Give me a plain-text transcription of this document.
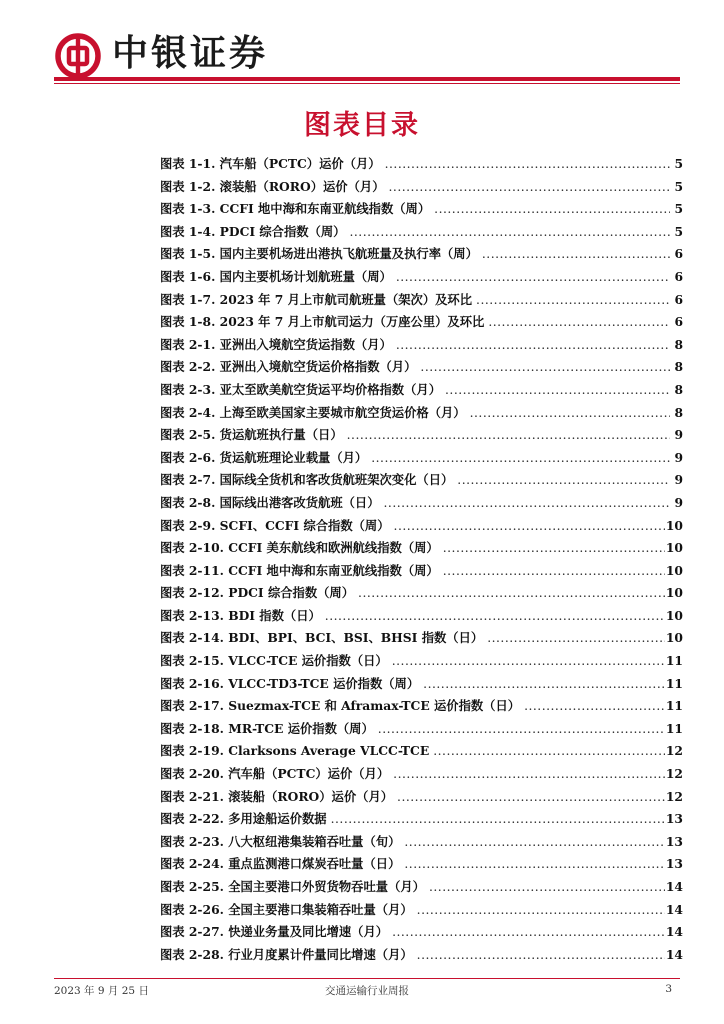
中银证券
图表目录
图表 1-1. 汽车船（PCTC）运价（月） .....	5
图表 1-2. 滚装船（RORO）运价（月） .....	5
图表 1-3. CCFI 地中海和东南亚航线指数（周） .....	5
图表 1-4. PDCI 综合指数（周） .....	5
图表 1-5. 国内主要机场进出港执飞航班量及执行率（周） .....	6
图表 1-6. 国内主要机场计划航班量（周） .....	6
图表 1-7. 2023 年 7 月上市航司航班量（架次）及环比 .....	6
图表 1-8. 2023 年 7 月上市航司运力（万座公里）及环比 .....	6
图表 2-1. 亚洲出入境航空货运指数（月） .....	8
图表 2-2. 亚洲出入境航空货运价格指数（月） .....	8
图表 2-3. 亚太至欧美航空货运平均价格指数（月） .....	8
图表 2-4. 上海至欧美国家主要城市航空货运价格（月） .....	8
图表 2-5. 货运航班执行量（日） .....	9
图表 2-6. 货运航班理论业载量（月） .....	9
图表 2-7. 国际线全货机和客改货航班架次变化（日） .....	9
图表 2-8. 国际线出港客改货航班（日） .....	9
图表 2-9. SCFI、CCFI 综合指数（周） .....	10
图表 2-10. CCFI 美东航线和欧洲航线指数（周） .....	10
图表 2-11. CCFI 地中海和东南亚航线指数（周） .....	10
图表 2-12. PDCI 综合指数（周） .....	10
图表 2-13. BDI 指数（日） .....	10
图表 2-14. BDI、BPI、BCI、BSI、BHSI 指数（日） .....	10
图表 2-15. VLCC-TCE 运价指数（日） .....	11
图表 2-16. VLCC-TD3-TCE 运价指数（周） .....	11
图表 2-17. Suezmax-TCE 和 Aframax-TCE 运价指数（日） .....	11
图表 2-18. MR-TCE 运价指数（周） .....	11
图表 2-19. Clarksons Average VLCC-TCE .....	12
图表 2-20. 汽车船（PCTC）运价（月） .....	12
图表 2-21. 滚装船（RORO）运价（月） .....	12
图表 2-22. 多用途船运价数据 .....	13
图表 2-23. 八大枢纽港集装箱吞吐量（旬） .....	13
图表 2-24. 重点监测港口煤炭吞吐量（日） .....	13
图表 2-25. 全国主要港口外贸货物吞吐量（月） .....	14
图表 2-26. 全国主要港口集装箱吞吐量（月） .....	14
图表 2-27. 快递业务量及同比增速（月） .....	14
图表 2-28. 行业月度累计件量同比增速（月） .....	14
2023 年 9 月 25 日	交通运输行业周报	3
